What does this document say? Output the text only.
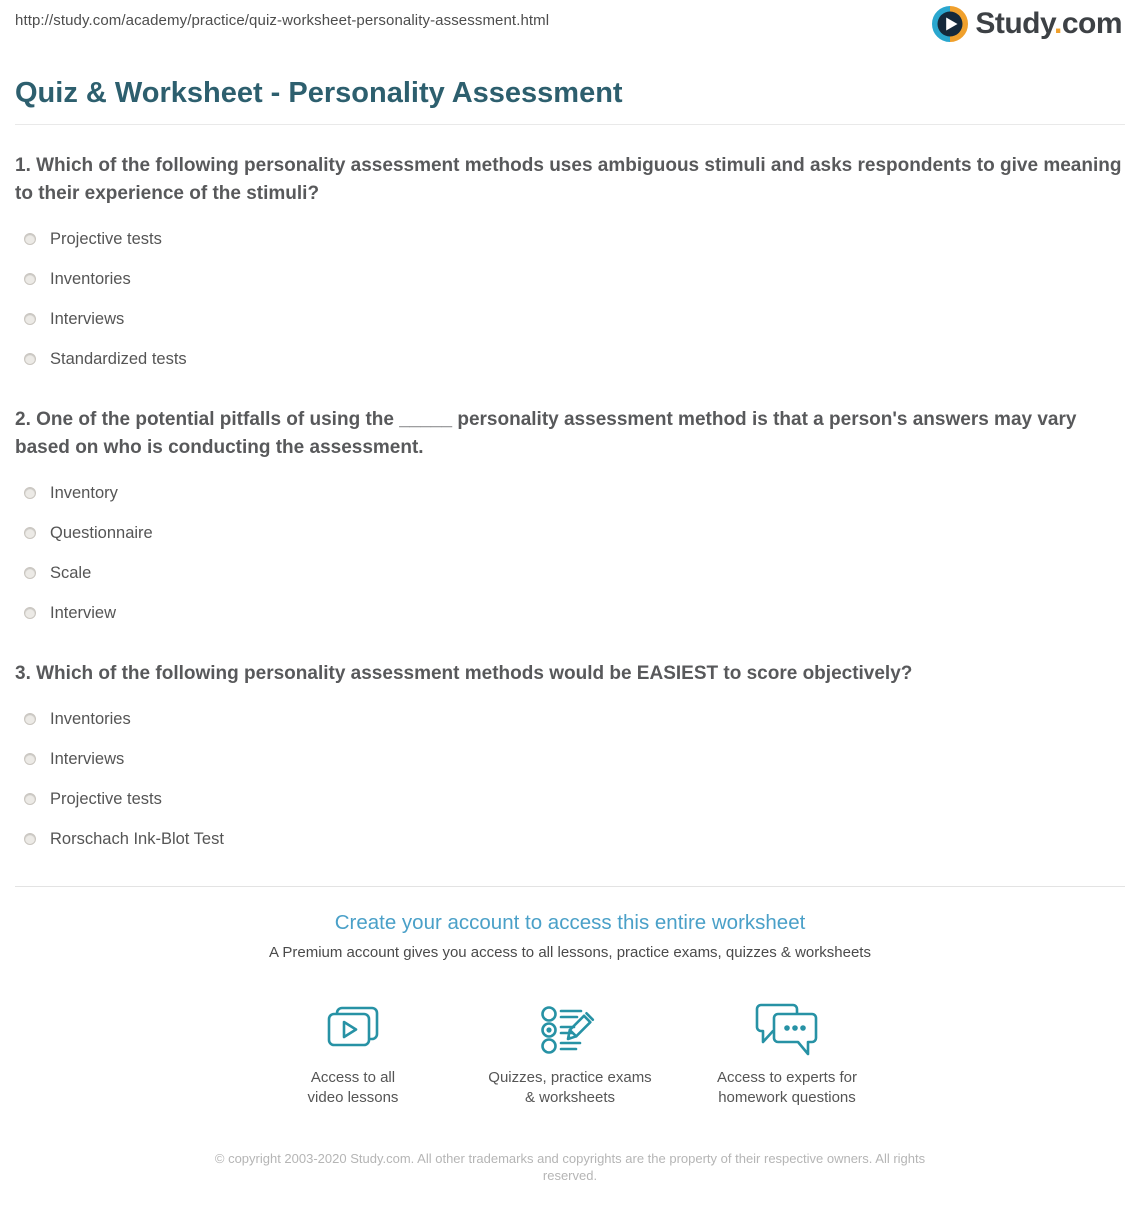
http://study.com/academy/practice/quiz-worksheet-personality-assessment.html	Study.com
Quiz & Worksheet - Personality Assessment
1. Which of the following personality assessment methods uses ambiguous stimuli and asks respondents to give meaning to their experience of the stimuli?
Projective tests
Inventories
Interviews
Standardized tests
2. One of the potential pitfalls of using the _____ personality assessment method is that a person's answers may vary based on who is conducting the assessment.
Inventory
Questionnaire
Scale
Interview
3. Which of the following personality assessment methods would be EASIEST to score objectively?
Inventories
Interviews
Projective tests
Rorschach Ink-Blot Test
Create your account to access this entire worksheet
A Premium account gives you access to all lessons, practice exams, quizzes & worksheets
Access to all
video lessons
Quizzes, practice exams
& worksheets
Access to experts for
homework questions
© copyright 2003-2020 Study.com. All other trademarks and copyrights are the property of their respective owners. All rights reserved.
